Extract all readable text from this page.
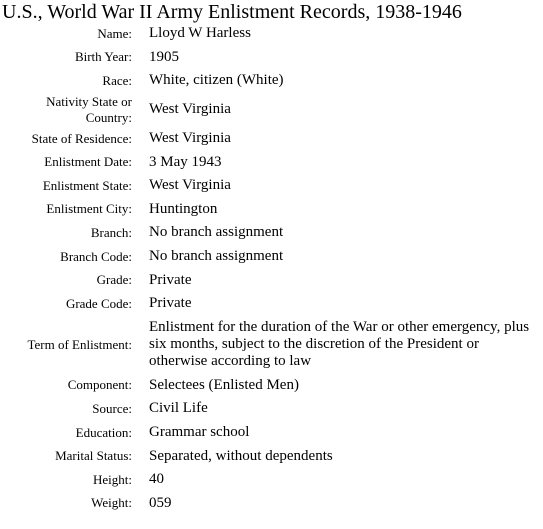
U.S., World War II Army Enlistment Records, 1938-1946
Name: Lloyd W Harless
Birth Year: 1905
Race: White, citizen (White)
Nativity State or Country: West Virginia
State of Residence: West Virginia
Enlistment Date: 3 May 1943
Enlistment State: West Virginia
Enlistment City: Huntington
Branch: No branch assignment
Branch Code: No branch assignment
Grade: Private
Grade Code: Private
Term of Enlistment:
Enlistment for the duration of the War or other emergency, plus six months, subject to the discretion of the President or otherwise according to law
Component: Selectees (Enlisted Men)
Source: Civil Life
Education: Grammar school
Marital Status: Separated, without dependents
Height: 40
Weight: 059
